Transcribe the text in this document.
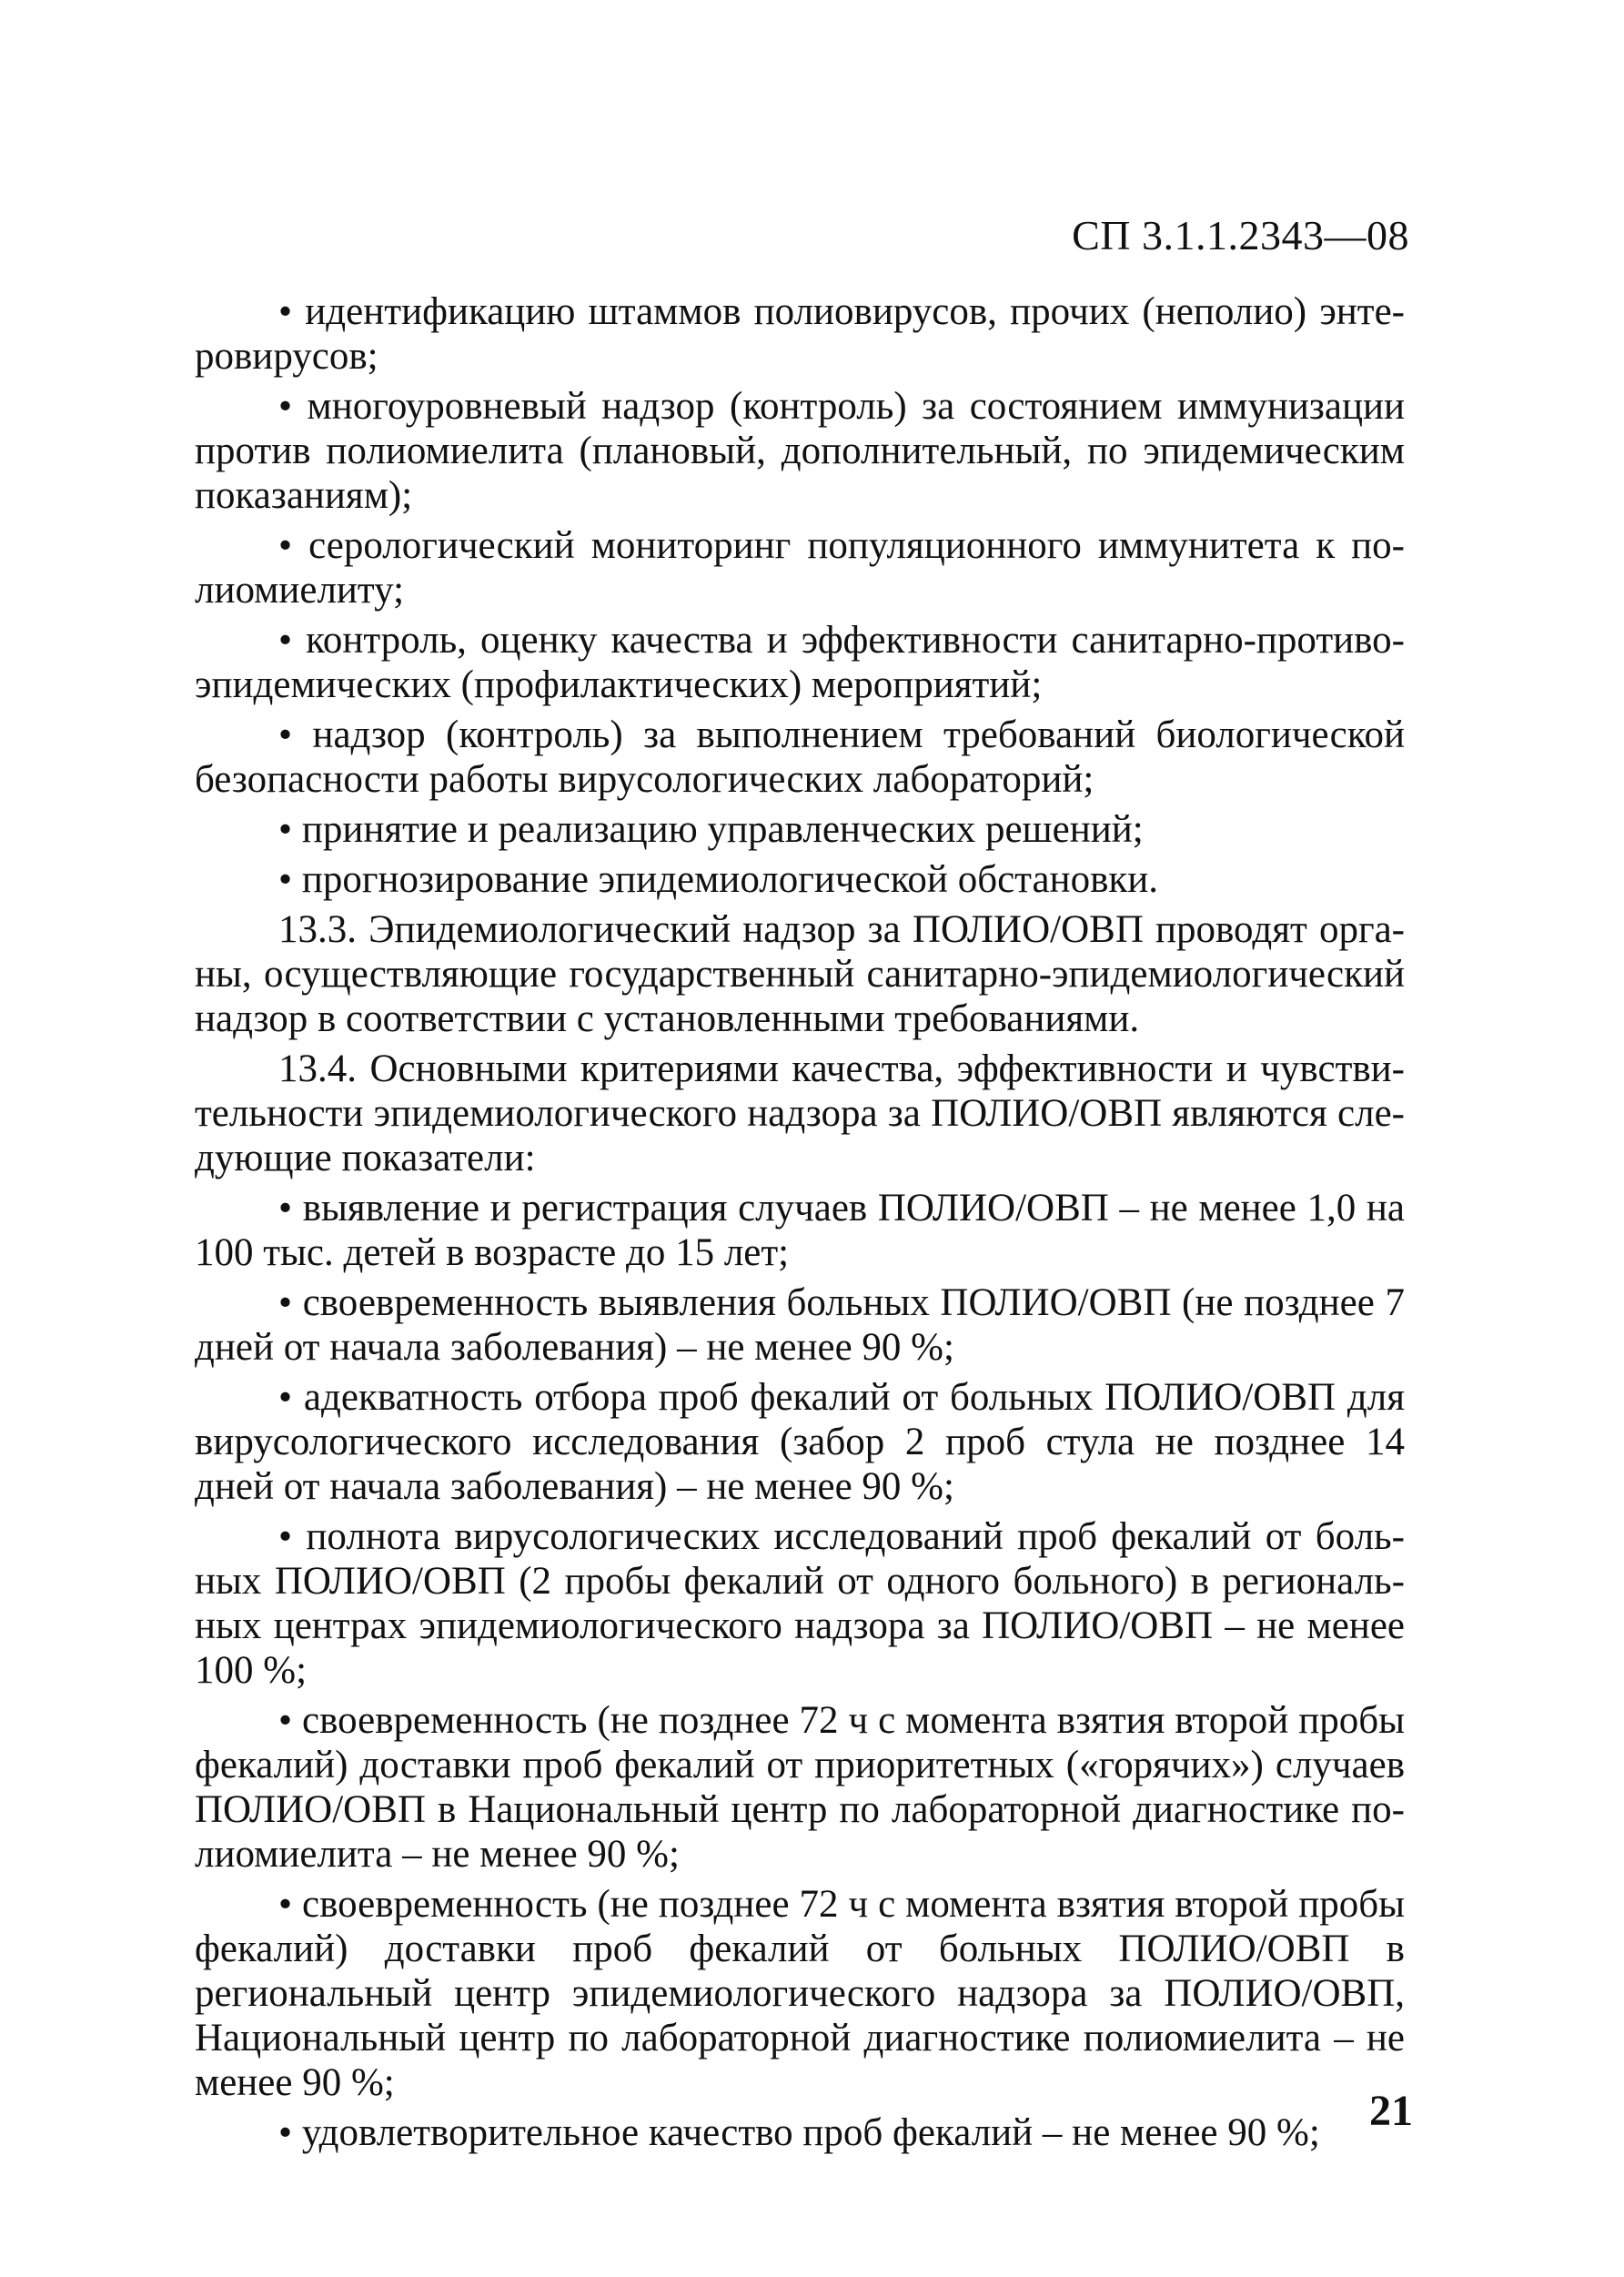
СП 3.1.1.2343—08

• идентификацию штаммов полиовирусов, прочих (неполио) энтеровирусов;

• многоуровневый надзор (контроль) за состоянием иммунизации против полиомиелита (плановый, дополнительный, по эпидемическим показаниям);

• серологический мониторинг популяционного иммунитета к полиомиелиту;

• контроль, оценку качества и эффективности санитарно-противоэпидемических (профилактических) мероприятий;

• надзор (контроль) за выполнением требований биологической безопасности работы вирусологических лабораторий;

• принятие и реализацию управленческих решений;

• прогнозирование эпидемиологической обстановки.

13.3. Эпидемиологический надзор за ПОЛИО/ОВП проводят органы, осуществляющие государственный санитарно-эпидемиологический надзор в соответствии с установленными требованиями.

13.4. Основными критериями качества, эффективности и чувствительности эпидемиологического надзора за ПОЛИО/ОВП являются следующие показатели:

• выявление и регистрация случаев ПОЛИО/ОВП – не менее 1,0 на 100 тыс. детей в возрасте до 15 лет;

• своевременность выявления больных ПОЛИО/ОВП (не позднее 7 дней от начала заболевания) – не менее 90 %;

• адекватность отбора проб фекалий от больных ПОЛИО/ОВП для вирусологического исследования (забор 2 проб стула не позднее 14 дней от начала заболевания) – не менее 90 %;

• полнота вирусологических исследований проб фекалий от больных ПОЛИО/ОВП (2 пробы фекалий от одного больного) в региональных центрах эпидемиологического надзора за ПОЛИО/ОВП – не менее 100 %;

• своевременность (не позднее 72 ч с момента взятия второй пробы фекалий) доставки проб фекалий от приоритетных («горячих») случаев ПОЛИО/ОВП в Национальный центр по лабораторной диагностике полиомиелита – не менее 90 %;

• своевременность (не позднее 72 ч с момента взятия второй пробы фекалий) доставки проб фекалий от больных ПОЛИО/ОВП в региональный центр эпидемиологического надзора за ПОЛИО/ОВП, Национальный центр по лабораторной диагностике полиомиелита – не менее 90 %;

• удовлетворительное качество проб фекалий – не менее 90 %;	21
